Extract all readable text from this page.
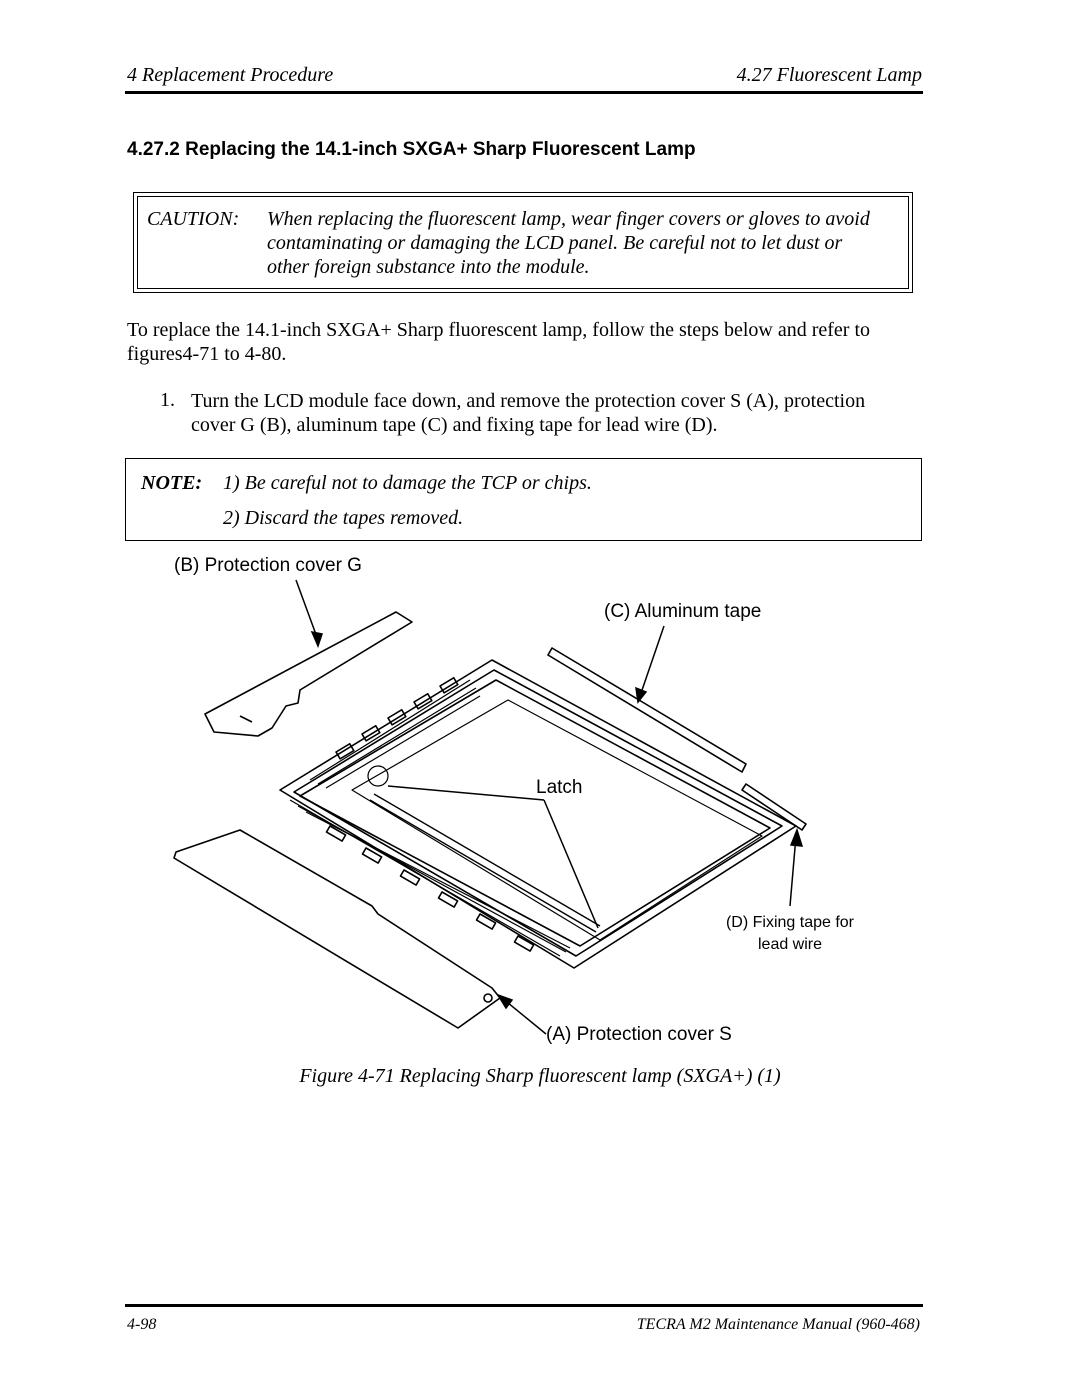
4 Replacement Procedure	4.27 Fluorescent Lamp
4.27.2 Replacing the 14.1-inch SXGA+ Sharp Fluorescent Lamp
CAUTION:	When replacing the fluorescent lamp, wear finger covers or gloves to avoid
contaminating or damaging the LCD panel. Be careful not to let dust or
other foreign substance into the module.
To replace the 14.1-inch SXGA+ Sharp fluorescent lamp, follow the steps below and refer to
figures4-71 to 4-80.
1. Turn the LCD module face down, and remove the protection cover S (A), protection
cover G (B), aluminum tape (C) and fixing tape for lead wire (D).
NOTE: 1) Be careful not to damage the TCP or chips.
2) Discard the tapes removed.
(B) Protection cover G
(C) Aluminum tape
Latch
(D) Fixing tape for
lead wire
(A) Protection cover S
Figure 4-71 Replacing Sharp fluorescent lamp (SXGA+) (1)
4-98	TECRA M2 Maintenance Manual (960-468)
